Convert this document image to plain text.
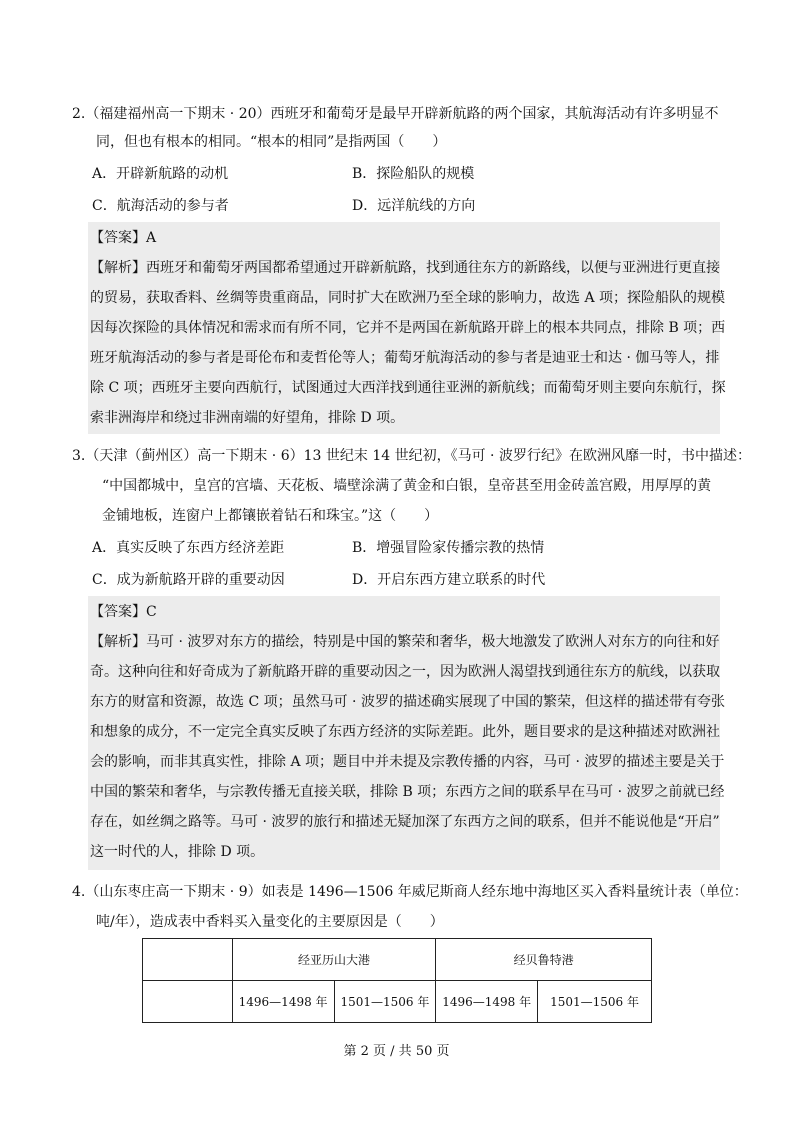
2.（福建福州高一下期末 · 20）西班牙和葡萄牙是最早开辟新航路的两个国家，其航海活动有许多明显不
同，但也有根本的相同。“根本的相同”是指两国（　　）
A．开辟新航路的动机	B．探险船队的规模
C．航海活动的参与者	D．远洋航线的方向
【答案】A
【解析】西班牙和葡萄牙两国都希望通过开辟新航路，找到通往东方的新路线，以便与亚洲进行更直接
的贸易，获取香料、丝绸等贵重商品，同时扩大在欧洲乃至全球的影响力，故选 A 项；探险船队的规模
因每次探险的具体情况和需求而有所不同，它并不是两国在新航路开辟上的根本共同点，排除 B 项；西
班牙航海活动的参与者是哥伦布和麦哲伦等人；葡萄牙航海活动的参与者是迪亚士和达 · 伽马等人，排
除 C 项；西班牙主要向西航行，试图通过大西洋找到通往亚洲的新航线；而葡萄牙则主要向东航行，探
索非洲海岸和绕过非洲南端的好望角，排除 D 项。
3.（天津（蓟州区）高一下期末 · 6）13 世纪末 14 世纪初，《马可 · 波罗行纪》在欧洲风靡一时，书中描述：
“中国都城中，皇宫的宫墙、天花板、墙壁涂满了黄金和白银，皇帝甚至用金砖盖宫殿，用厚厚的黄
金铺地板，连窗户上都镶嵌着钻石和珠宝。”这（　　）
A．真实反映了东西方经济差距	B．增强冒险家传播宗教的热情
C．成为新航路开辟的重要动因	D．开启东西方建立联系的时代
【答案】C
【解析】马可 · 波罗对东方的描绘，特别是中国的繁荣和奢华，极大地激发了欧洲人对东方的向往和好
奇。这种向往和好奇成为了新航路开辟的重要动因之一，因为欧洲人渴望找到通往东方的航线，以获取
东方的财富和资源，故选 C 项；虽然马可 · 波罗的描述确实展现了中国的繁荣，但这样的描述带有夸张
和想象的成分，不一定完全真实反映了东西方经济的实际差距。此外，题目要求的是这种描述对欧洲社
会的影响，而非其真实性，排除 A 项；题目中并未提及宗教传播的内容，马可 · 波罗的描述主要是关于
中国的繁荣和奢华，与宗教传播无直接关联，排除 B 项；东西方之间的联系早在马可 · 波罗之前就已经
存在，如丝绸之路等。马可 · 波罗的旅行和描述无疑加深了东西方之间的联系，但并不能说他是“开启”
这一时代的人，排除 D 项。
4.（山东枣庄高一下期末 · 9）如表是 1496—1506 年威尼斯商人经东地中海地区买入香料量统计表（单位：
吨/年），造成表中香料买入量变化的主要原因是（　　）
	经亚历山大港		经贝鲁特港	
	1496—1498 年	1501—1506 年	1496—1498 年	1501—1506 年
第 2 页 / 共 50 页
